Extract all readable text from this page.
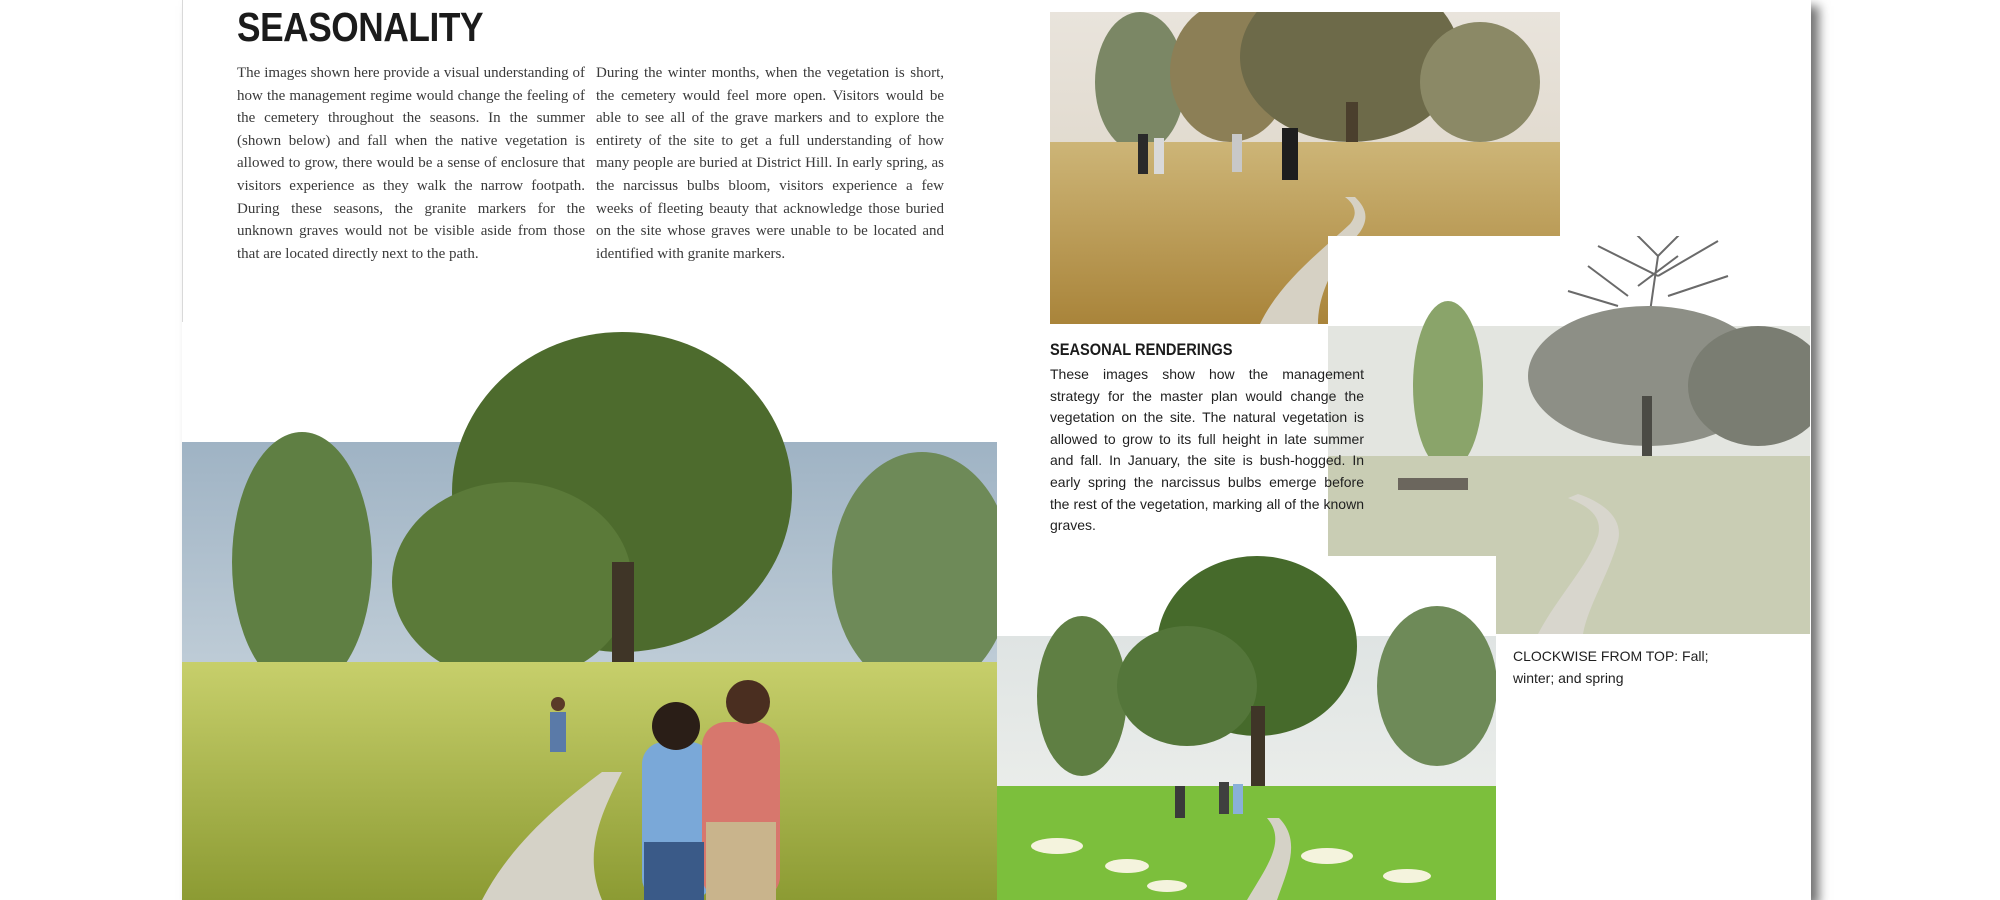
SEASONALITY

The images shown here provide a visual understanding of how the management regime would change the feeling of the cemetery throughout the seasons. In the summer (shown below) and fall when the native vegetation is allowed to grow, there would be a sense of enclosure that visitors experience as they walk the narrow footpath. During these seasons, the granite markers for the unknown graves would not be visible aside from those that are located directly next to the path.

During the winter months, when the vegetation is short, the cemetery would feel more open. Visitors would be able to see all of the grave markers and to explore the entirety of the site to get a full understanding of how many people are buried at District Hill. In early spring, as the narcissus bulbs bloom, visitors experience a few weeks of fleeting beauty that acknowledge those buried on the site whose graves were unable to be located and identified with granite markers.

SEASONAL RENDERINGS

These images show how the management strategy for the master plan would change the vegetation on the site. The natural vegetation is allowed to grow to its full height in late summer and fall. In January, the site is bush-hogged. In early spring the narcissus bulbs emerge before the rest of the vegetation, marking all of the known graves.

CLOCKWISE FROM TOP: Fall; winter; and spring
